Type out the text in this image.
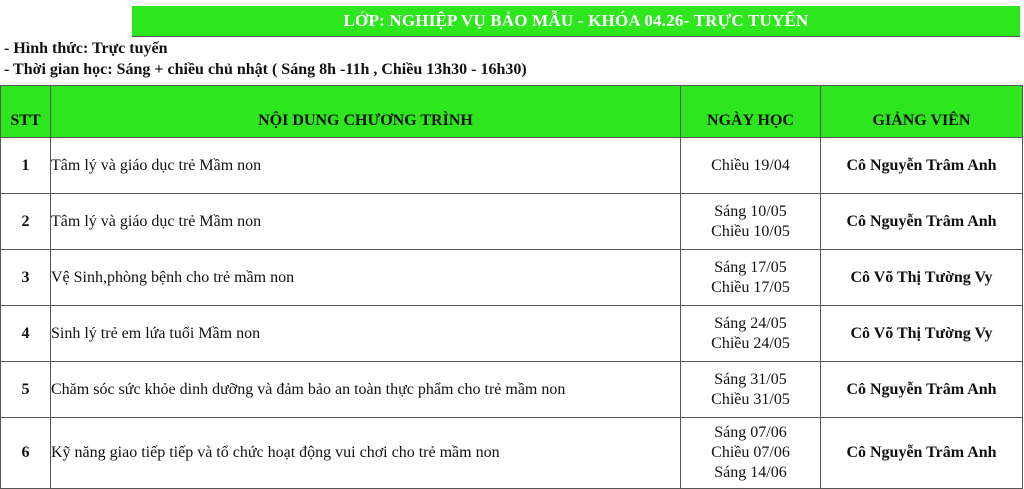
LỚP: NGHIỆP VỤ BẢO MẪU - KHÓA 04.26- TRỰC TUYẾN
- Hình thức: Trực tuyến
- Thời gian học: Sáng + chiều chủ nhật ( Sáng 8h -11h , Chiều 13h30 - 16h30)
STT	NỘI DUNG CHƯƠNG TRÌNH	NGÀY HỌC	GIẢNG VIÊN
1	Tâm lý và giáo dục trẻ Mầm non	Chiều 19/04	Cô Nguyễn Trâm Anh
2	Tâm lý và giáo dục trẻ Mầm non	Sáng 10/05
Chiều 10/05	Cô Nguyễn Trâm Anh
3	Vệ Sinh,phòng bệnh cho trẻ mầm non	Sáng 17/05
Chiều 17/05	Cô Võ Thị Tường Vy
4	Sinh lý trẻ em lứa tuổi Mầm non	Sáng 24/05
Chiều 24/05	Cô Võ Thị Tường Vy
5	Chăm sóc sức khỏe dinh dưỡng và đảm bảo an toàn thực phẩm cho trẻ mầm non	Sáng 31/05
Chiều 31/05	Cô Nguyễn Trâm Anh
6	Kỹ năng giao tiếp tiếp và tổ chức hoạt động vui chơi cho trẻ mầm non	Sáng 07/06
Chiều 07/06
Sáng 14/06	Cô Nguyễn Trâm Anh
